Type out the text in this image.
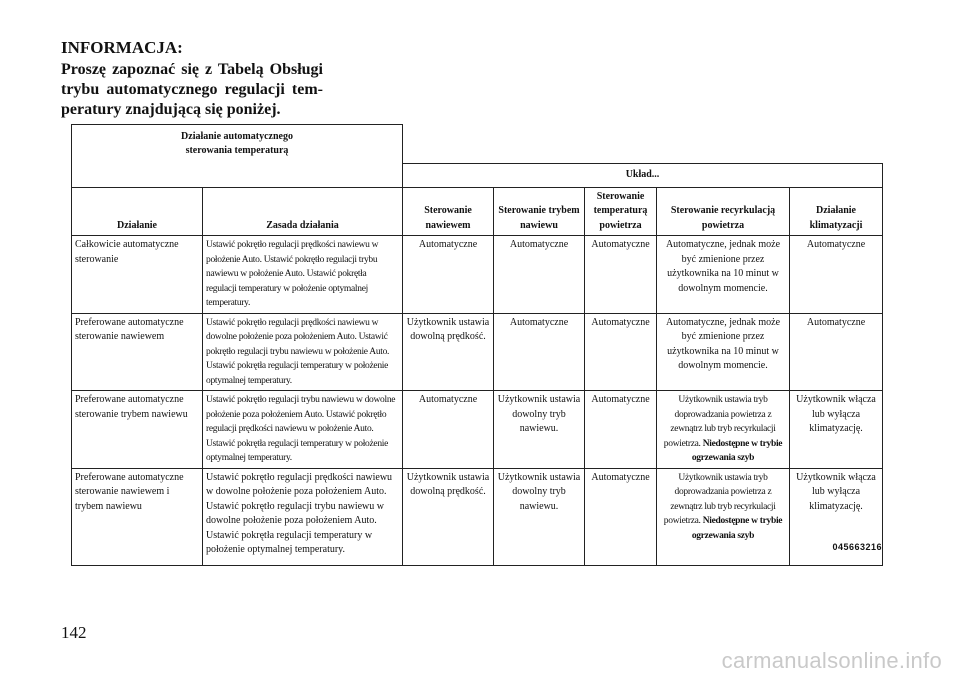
INFORMACJA:

Proszę zapoznać się z Tabelą Obsługi trybu automatycznego regulacji tem-peratury znajdującą się poniżej.

Działanie automatycznego sterowania temperaturą						
		Układ...				
Działanie	Zasada działania	Sterowanie nawiewem	Sterowanie trybem nawiewu	Sterowanie temperaturą powietrza	Sterowanie recyrkulacją powietrza	Działanie klimatyzacji
Całkowicie automatyczne sterowanie	Ustawić pokrętło regulacji prędkości nawiewu w położenie Auto. Ustawić pokrętło regulacji trybu nawiewu w położenie Auto. Ustawić pokrętła regulacji temperatury w położenie optymalnej temperatury.	Automatyczne	Automatyczne	Automatyczne	Automatyczne, jednak może być zmienione przez użytkownika na 10 minut w dowolnym momencie.	Automatyczne
Preferowane automatyczne sterowanie nawiewem	Ustawić pokrętło regulacji prędkości nawiewu w dowolne położenie poza położeniem Auto. Ustawić pokrętło regulacji trybu nawiewu w położenie Auto. Ustawić pokrętła regulacji temperatury w położenie optymalnej temperatury.	Użytkownik ustawia dowolną prędkość.	Automatyczne	Automatyczne	Automatyczne, jednak może być zmienione przez użytkownika na 10 minut w dowolnym momencie.	Automatyczne
Preferowane automatyczne sterowanie trybem nawiewu	Ustawić pokrętło regulacji trybu nawiewu w dowolne położenie poza położeniem Auto. Ustawić pokrętło regulacji prędkości nawiewu w położenie Auto. Ustawić pokrętła regulacji temperatury w położenie optymalnej temperatury.	Automatyczne	Użytkownik ustawia dowolny tryb nawiewu.	Automatyczne	Użytkownik ustawia tryb doprowadzania powietrza z zewnątrz lub tryb recyrkulacji powietrza. Niedostępne w trybie ogrzewania szyb	Użytkownik włącza lub wyłącza klimatyzację.
Preferowane automatyczne sterowanie nawiewem i trybem nawiewu	Ustawić pokrętło regulacji prędkości nawiewu w dowolne położenie poza położeniem Auto. Ustawić pokrętło regulacji trybu nawiewu w dowolne położenie poza położeniem Auto. Ustawić pokrętła regulacji temperatury w położenie optymalnej temperatury.	Użytkownik ustawia dowolną prędkość.	Użytkownik ustawia dowolny tryb nawiewu.	Automatyczne	Użytkownik ustawia tryb doprowadzania powietrza z zewnątrz lub tryb recyrkulacji powietrza. Niedostępne w trybie ogrzewania szyb	Użytkownik włącza lub wyłącza klimatyzację.
045663216
142
carmanualsonline.info
